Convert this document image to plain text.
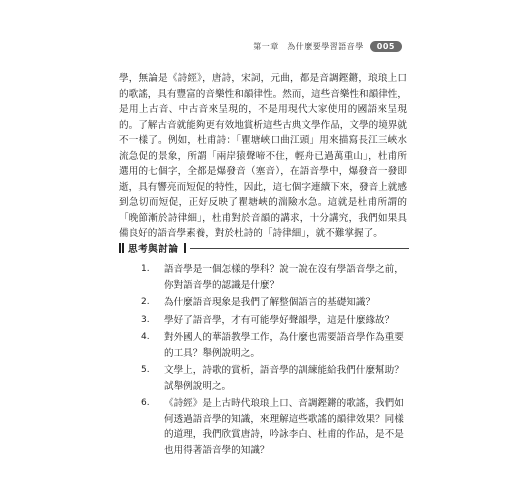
第一章　為什麼要學習語音學	005

學，無論是《詩經》，唐詩，宋詞，元曲，都是音調鏗鏘，琅琅上口的歌謠，具有豐富的音樂性和韻律性。然而，這些音樂性和韻律性，是用上古音、中古音來呈現的，不是用現代大家使用的國語來呈現的。了解古音就能夠更有效地賞析這些古典文學作品，文學的境界就不一樣了。例如，杜甫詩：「瞿塘峽口曲江頭」用來描寫長江三峽水流急促的景象，所謂「兩岸猿聲啼不住，輕舟已過萬重山」，杜甫所選用的七個字，全都是爆發音（塞音），在語音學中，爆發音一發即逝，具有響亮而短促的特性，因此，這七個字連續下來，發音上就感到急切而短促，正好反映了瞿塘峽的湍險水急。這就是杜甫所謂的「晚節漸於詩律細」，杜甫對於音韻的講求，十分講究，我們如果具備良好的語音學素養，對於杜詩的「詩律細」，就不難掌握了。

思考與討論
1.	語音學是一個怎樣的學科？說一說在沒有學語音學之前，你對語音學的認識是什麼？
2.	為什麼語音現象是我們了解整個語言的基礎知識？
3.	學好了語音學，才有可能學好聲韻學，這是什麼緣故？
4.	對外國人的華語教學工作，為什麼也需要語音學作為重要的工具？舉例說明之。
5.	文學上，詩歌的賞析，語音學的訓練能給我們什麼幫助？試舉例說明之。
6.	《詩經》是上古時代琅琅上口、音調鏗鏘的歌謠，我們如何透過語音學的知識，來理解這些歌謠的韻律效果？同樣的道理，我們欣賞唐詩，吟詠李白、杜甫的作品，是不是也用得著語音學的知識？
